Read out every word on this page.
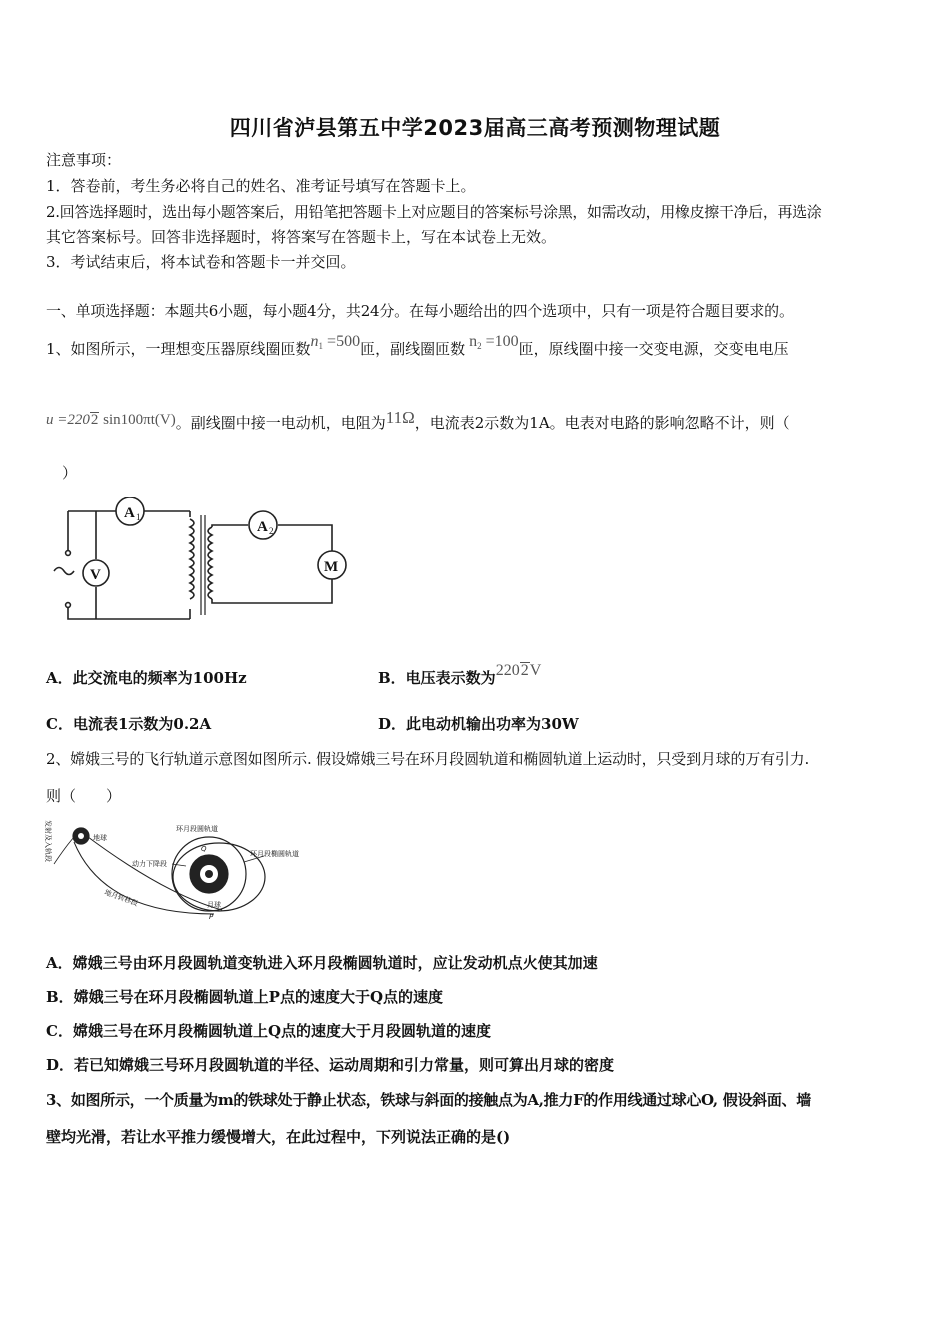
四川省泸县第五中学2023届高三高考预测物理试题
注意事项：
1．答卷前，考生务必将自己的姓名、准考证号填写在答题卡上。
2.回答选择题时，选出每小题答案后，用铅笔把答题卡上对应题目的答案标号涂黑，如需改动，用橡皮擦干净后，再选涂
其它答案标号。回答非选择题时，将答案写在答题卡上，写在本试卷上无效。
3．考试结束后，将本试卷和答题卡一并交回。
一、单项选择题：本题共6小题，每小题4分，共24分。在每小题给出的四个选项中，只有一项是符合题目要求的。
1、如图所示，一理想变压器原线圈匝数$n_1 =500$匝，副线圈匝数 $n_2 =100$匝，原线圈中接一交变电源，交变电电压
u =2202 sin100πt(V)。副线圈中接一电动机，电阻为11Ω，电流表2示数为1A。电表对电路的影响忽略不计，则（
）
A 1
A 2
V	M
A．此交流电的频率为100Hz	B．电压表示数为2202V
C．电流表1示数为0.2A	D．此电动机输出功率为30W
2、嫦娥三号的飞行轨道示意图如图所示. 假设嫦娥三号在环月段圆轨道和椭圆轨道上运动时，只受到月球的万有引力.
则（　　）
发射及入轨段	地球
环月段圆轨道
环月段椭圆轨道
动力下降段
地月转移段	月球
Q
P
A．嫦娥三号由环月段圆轨道变轨进入环月段椭圆轨道时，应让发动机点火使其加速
B．嫦娥三号在环月段椭圆轨道上P点的速度大于Q点的速度
C．嫦娥三号在环月段椭圆轨道上Q点的速度大于月段圆轨道的速度
D．若已知嫦娥三号环月段圆轨道的半径、运动周期和引力常量，则可算出月球的密度
3、如图所示，一个质量为m的铁球处于静止状态，铁球与斜面的接触点为A,推力F的作用线通过球心O, 假设斜面、墙
壁均光滑，若让水平推力缓慢增大，在此过程中，下列说法正确的是()
